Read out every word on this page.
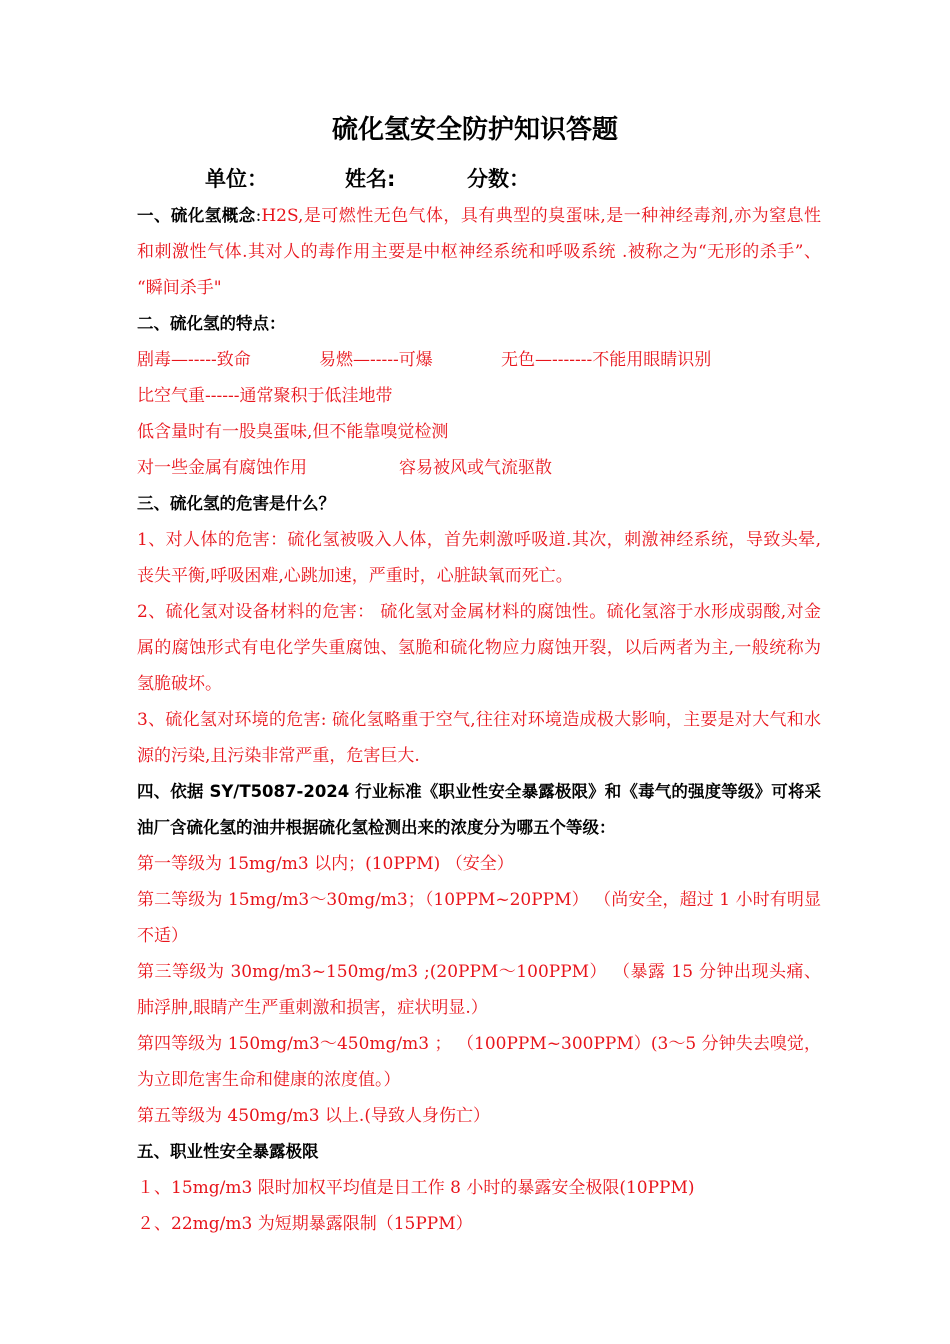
硫化氢安全防护知识答题
单位：	姓名:	分数：

一、硫化氢概念:H2S,是可燃性无色气体，具有典型的臭蛋味,是一种神经毒剂,亦为窒息性和刺激性气体.其对人的毒作用主要是中枢神经系统和呼吸系统 .被称之为“无形的杀手”、 “瞬间杀手"

二、硫化氢的特点：

剧毒—-----致命	易燃—-----可爆	无色—-------不能用眼睛识别

比空气重------通常聚积于低洼地带

低含量时有一股臭蛋味,但不能靠嗅觉检测

对一些金属有腐蚀作用	容易被风或气流驱散

三、硫化氢的危害是什么？

1、对人体的危害：硫化氢被吸入人体，首先刺激呼吸道.其次，刺激神经系统，导致头晕,丧失平衡,呼吸困难,心跳加速，严重时，心脏缺氧而死亡。

2、硫化氢对设备材料的危害： 硫化氢对金属材料的腐蚀性。硫化氢溶于水形成弱酸,对金属的腐蚀形式有电化学失重腐蚀、氢脆和硫化物应力腐蚀开裂，以后两者为主,一般统称为氢脆破坏。

3、硫化氢对环境的危害: 硫化氢略重于空气,往往对环境造成极大影响，主要是对大气和水源的污染,且污染非常严重，危害巨大.

四、依据 SY/T5087-2024 行业标准《职业性安全暴露极限》和《毒气的强度等级》可将采油厂含硫化氢的油井根据硫化氢检测出来的浓度分为哪五个等级：

第一等级为 15mg/m3 以内；(10PPM) （安全）

第二等级为 15mg/m3～30mg/m3；（10PPM~20PPM） （尚安全，超过 1 小时有明显不适）

第三等级为 30mg/m3~150mg/m3 ;(20PPM～100PPM） （暴露 15 分钟出现头痛、肺浮肿,眼睛产生严重刺激和损害，症状明显.）

第四等级为 150mg/m3～450mg/m3 ； （100PPM~300PPM）(3～5 分钟失去嗅觉，为立即危害生命和健康的浓度值。）

第五等级为 450mg/m3 以上.(导致人身伤亡）

五、职业性安全暴露极限

１、15mg/m3 限时加权平均值是日工作 8 小时的暴露安全极限(10PPM)

２、22mg/m3 为短期暴露限制（15PPM）
